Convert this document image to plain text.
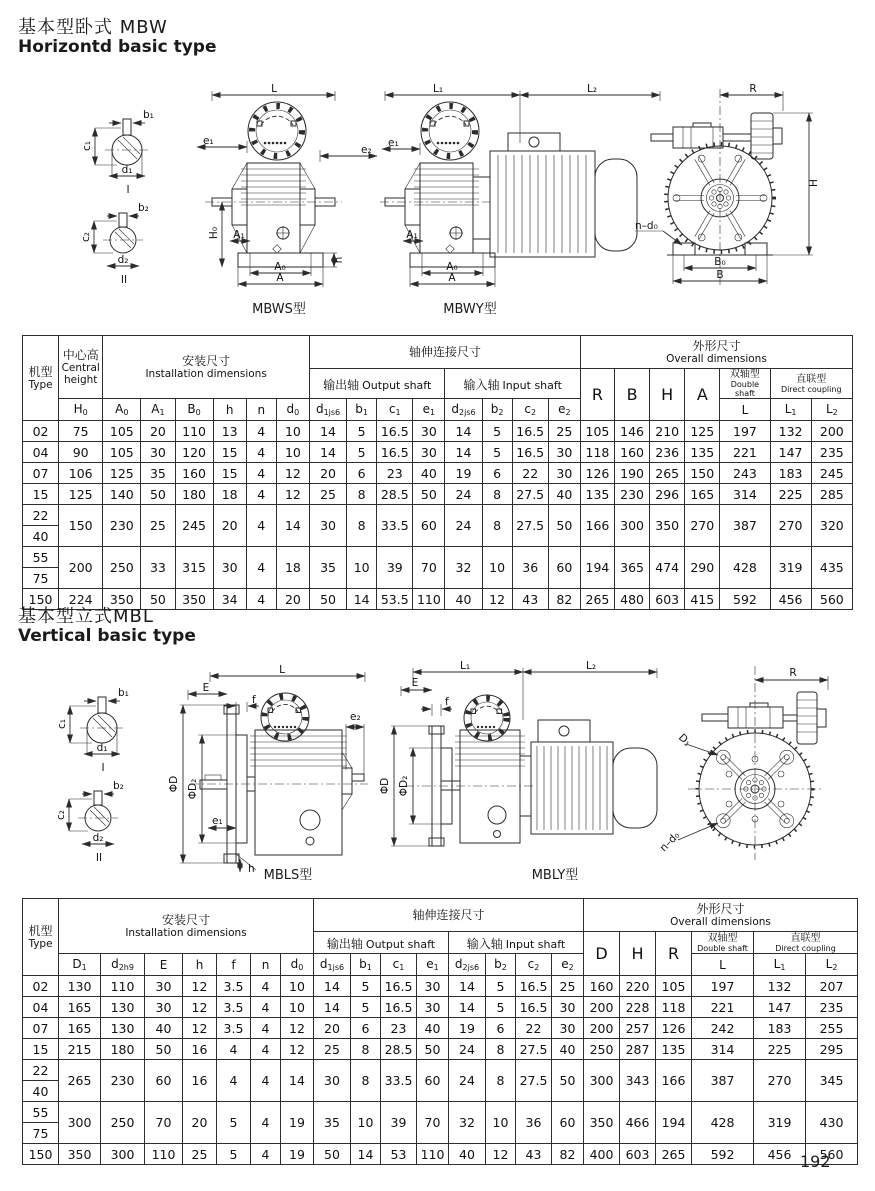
基本型卧式 MBW
Horizontd basic type
b₁
c₁
d₁
I
b₂
c₂
d₂
II
L
e₁
e₂
H₀ A₁
A₀
A
h
L₁	L₂
e₁
A₁
A₀
A
R
H
n–d₀
B₀
B
MBWS型	MBWY型
机型
Type	中心高
Central height	安装尺寸
Installation dimensions						轴伸连接尺寸								外形尺寸
Overall dimensions						

								输出轴 Output shaft				输入轴 Input shaft				R	B	H	A	双轴型
Double shaft	直联型
Direct coupling	

	$H_0$	$A_0$	$A_1$	$B_0$	h	n	$d_0$	$d_{1js6}$	$b_1$	$c_1$	$e_1$	$d_{2js6}$	$b_2$	$c_2$	$e_2$					L	$L_1$	$L_2$
02	75	105	20	110	13	4	10	14	5	16.5	30	14	5	16.5	25	105	146	210	125	197	132	200
04	90	105	30	120	15	4	10	14	5	16.5	30	14	5	16.5	30	118	160	236	135	221	147	235
07	106	125	35	160	15	4	12	20	6	23	40	19	6	22	30	126	190	265	150	243	183	245
15	125	140	50	180	18	4	12	25	8	28.5	50	24	8	27.5	40	135	230	296	165	314	225	285
22	150	230	25	245	20	4	14	30	8	33.5	60	24	8	27.5	50	166	300	350	270	387	270	320
40																						
55	200	250	33	315	30	4	18	35	10	39	70	32	10	36	60	194	365	474	290	428	319	435
75																						
150	224	350	50	350	34	4	20	50	14	53.5	110	40	12	43	82	265	480	603	415	592	456	560
基本型立式MBL
Vertical basic type
b₁
c₁
d₁
I
b₂
c₂
d₂
II
L
E
f
ΦD ΦD₂
e₁
e₂
h
L₁	L₂
E
f
ΦD ΦD₂
R
D₁
n–d₀
MBLS型	MBLY型
机型
Type	安装尺寸
Installation dimensions							轴伸连接尺寸								外形尺寸
Overall dimensions					

								输出轴 Output shaft				输入轴 Input shaft				D	H	R	双轴型
Double shaft	直联型
Direct coupling	

	$D_1$	$d_{2h9}$	E	h	f	n	$d_0$	$d_{1js6}$	$b_1$	$c_1$	$e_1$	$d_{2js6}$	$b_2$	$c_2$	$e_2$				L	$L_1$	$L_2$
02	130	110	30	12	3.5	4	10	14	5	16.5	30	14	5	16.5	25	160	220	105	197	132	207
04	165	130	30	12	3.5	4	10	14	5	16.5	30	14	5	16.5	30	200	228	118	221	147	235
07	165	130	40	12	3.5	4	12	20	6	23	40	19	6	22	30	200	257	126	242	183	255
15	215	180	50	16	4	4	12	25	8	28.5	50	24	8	27.5	40	250	287	135	314	225	295
22	265	230	60	16	4	4	14	30	8	33.5	60	24	8	27.5	50	300	343	166	387	270	345
40																					
55	300	250	70	20	5	4	19	35	10	39	70	32	10	36	60	350	466	194	428	319	430
75																					
150	350	300	110	25	5	4	19	50	14	53	110	40	12	43	82	400	603	265	592	456	560
192
